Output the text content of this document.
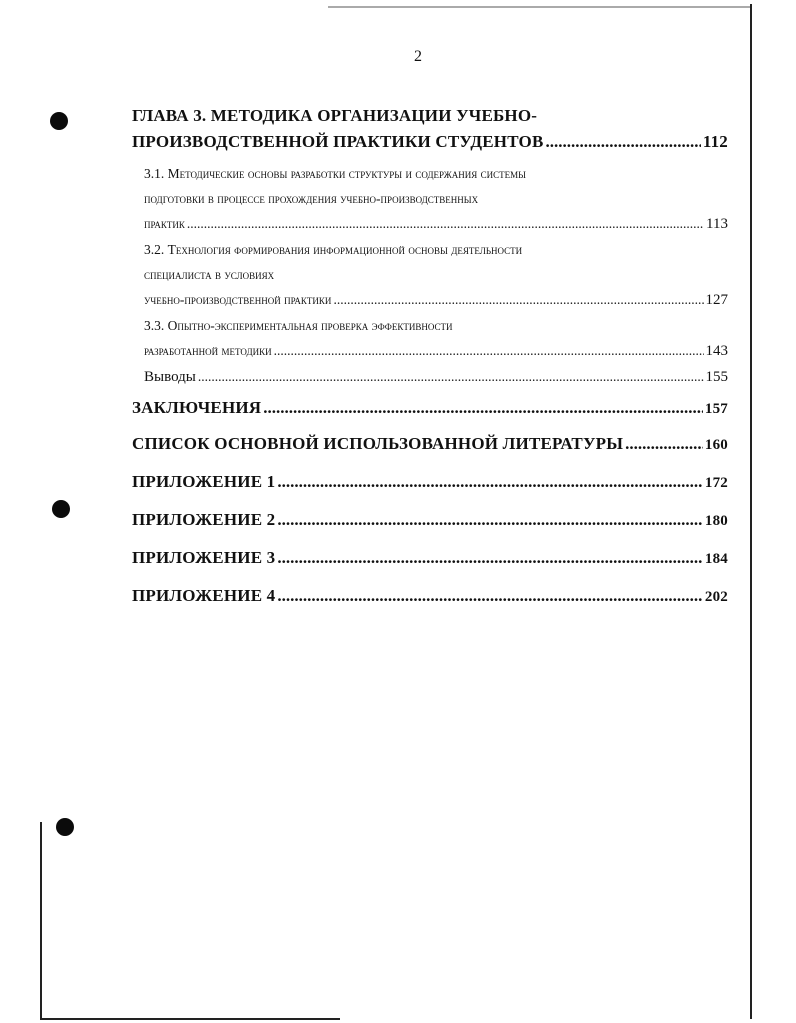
2
ГЛАВА 3. МЕТОДИКА ОРГАНИЗАЦИИ УЧЕБНО-
ПРОИЗВОДСТВЕННОЙ ПРАКТИКИ СТУДЕНТОВ .....	112
3.1. Методические основы разработки структуры и содержания системы
подготовки в процессе прохождения учебно-производственных
практик .....	113
3.2. Технология формирования информационной основы деятельности
специалиста в условиях
учебно-производственной практики .....	127
3.3. Опытно-экспериментальная проверка эффективности
разработанной методики .....	143
Выводы .....	155
ЗАКЛЮЧЕНИЯ .....	157
СПИСОК ОСНОВНОЙ ИСПОЛЬЗОВАННОЙ ЛИТЕРАТУРЫ .....	160
ПРИЛОЖЕНИЕ 1 .....	172
ПРИЛОЖЕНИЕ 2 .....	180
ПРИЛОЖЕНИЕ 3 .....	184
ПРИЛОЖЕНИЕ 4 .....	202
